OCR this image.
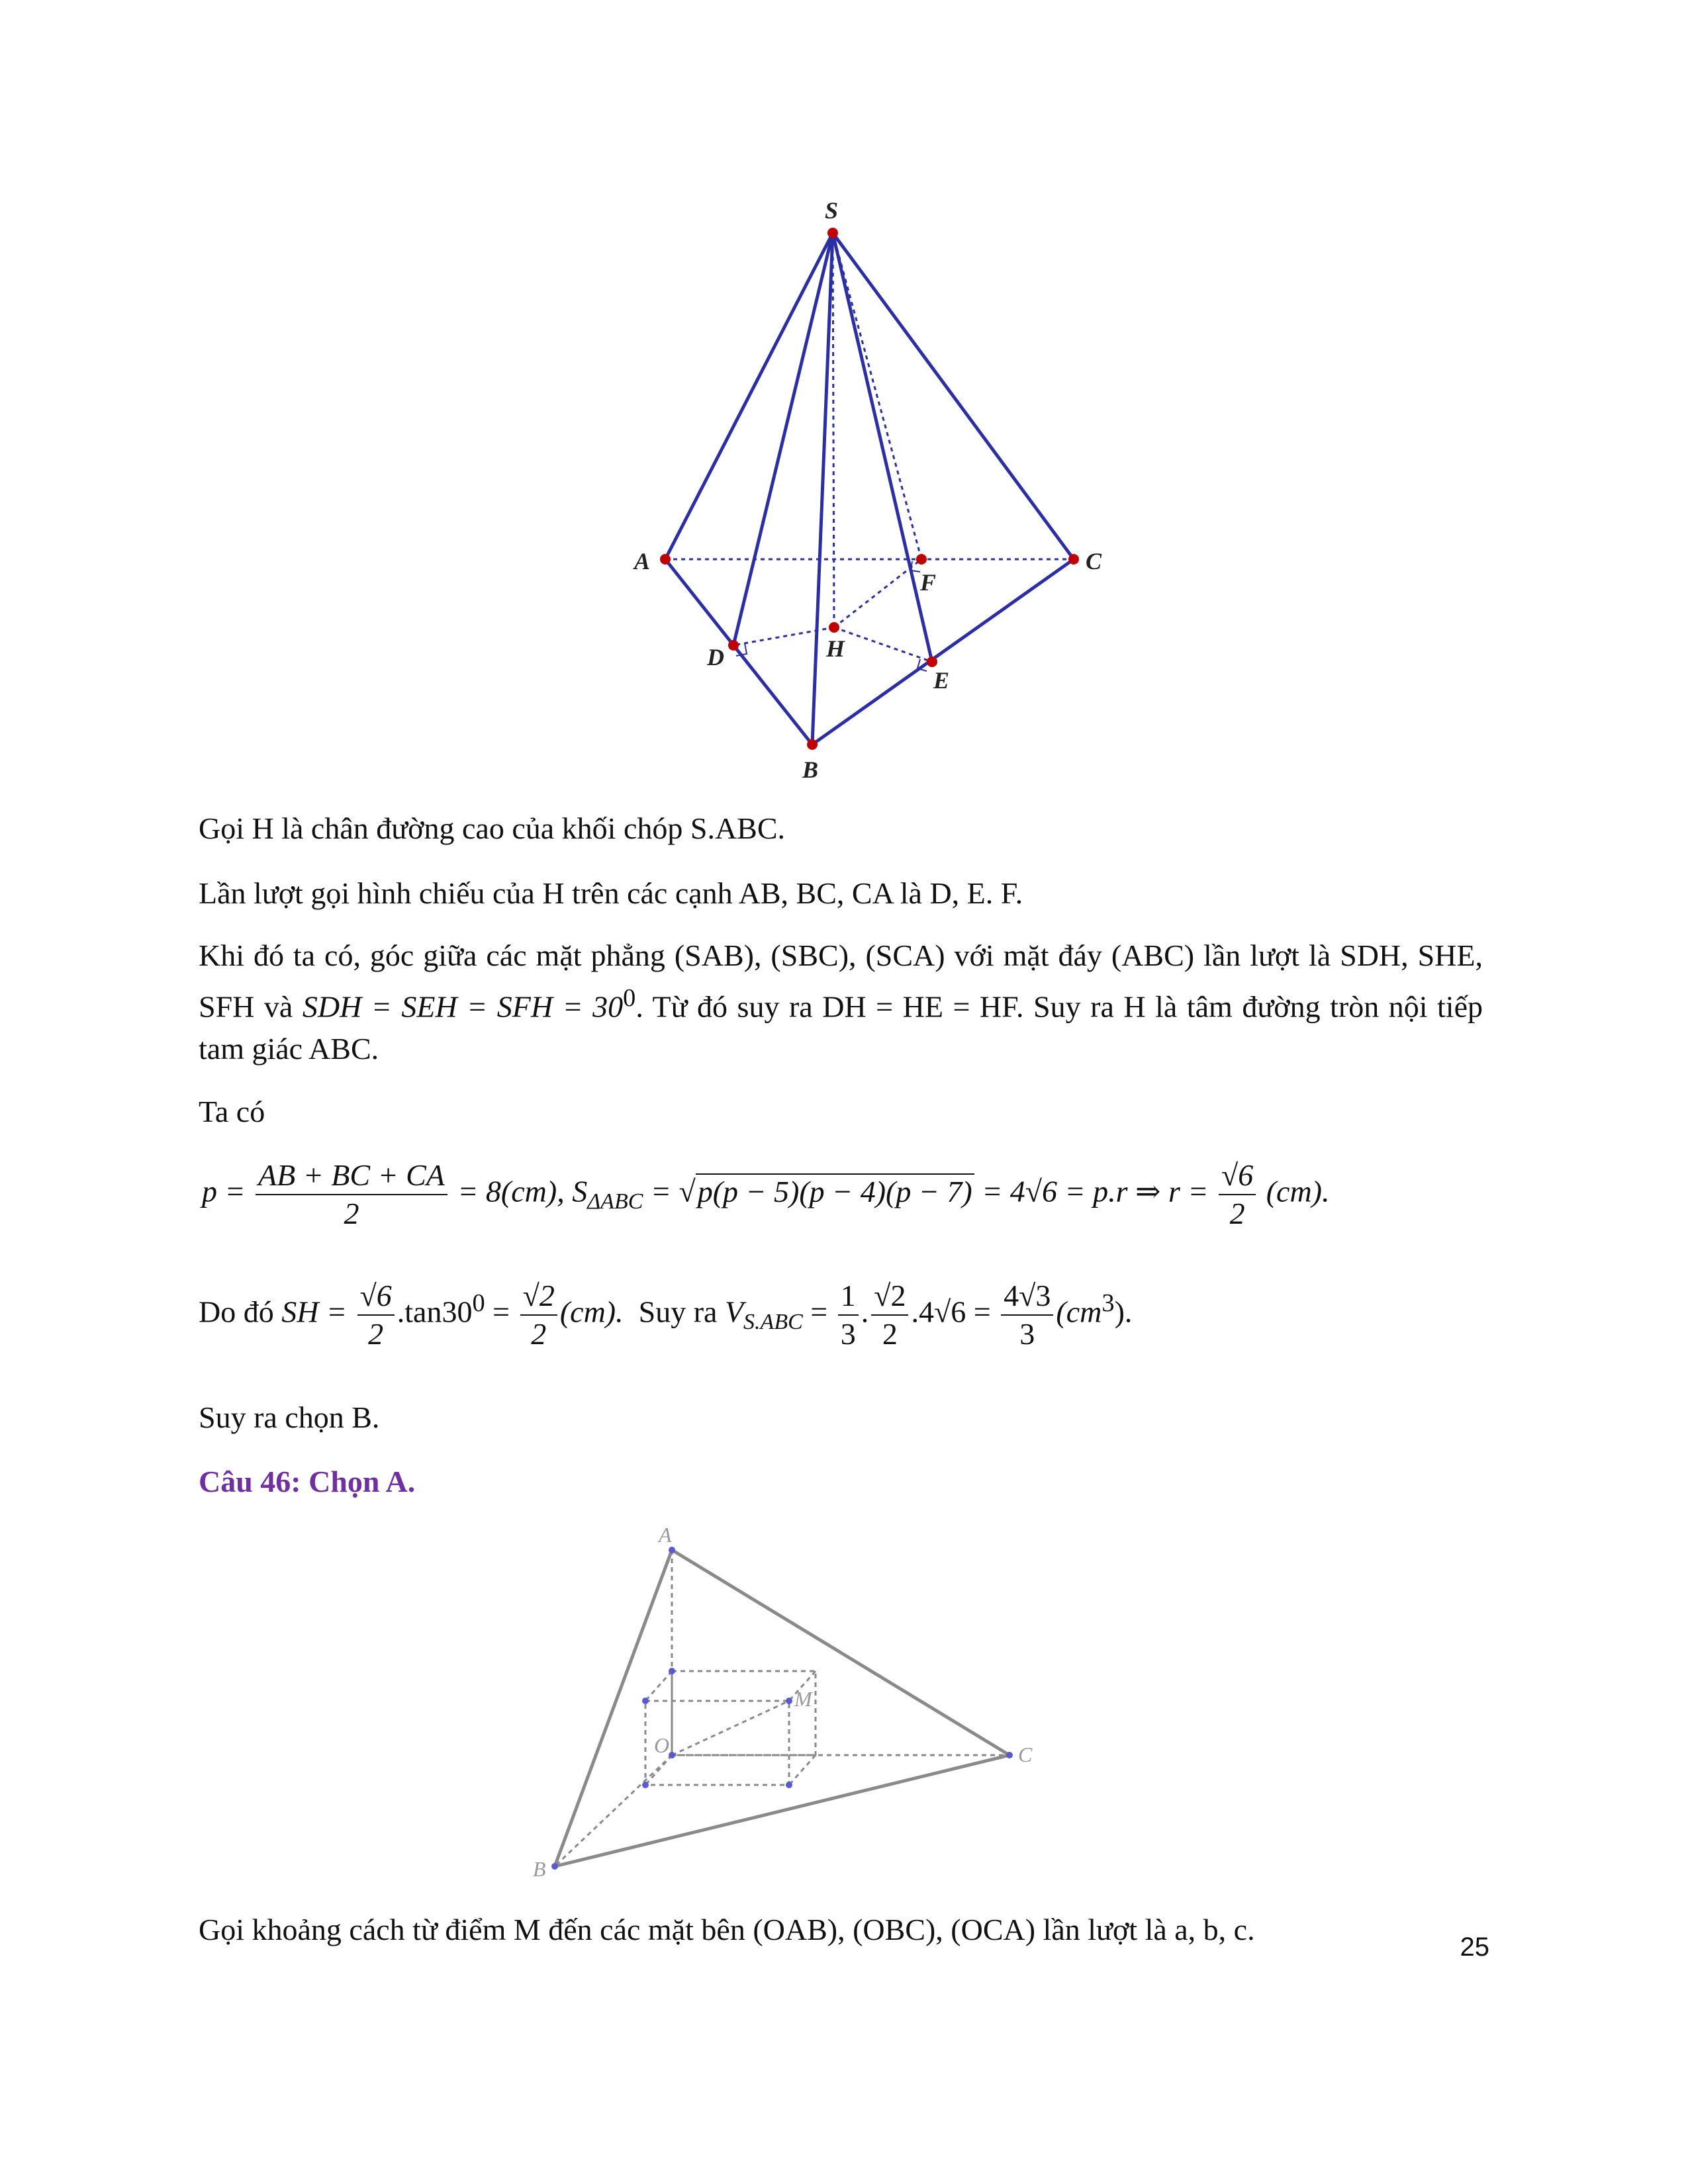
S
A	C
B
D
E
F
H

Gọi H là chân đường cao của khối chóp S.ABC.

Lần lượt gọi hình chiếu của H trên các cạnh AB, BC, CA là D, E. F.

Khi đó ta có, góc giữa các mặt phẳng (SAB), (SBC), (SCA) với mặt đáy (ABC) lần lượt là SDH, SHE, SFH và SDH = SEH = SFH = $30^0$. Từ đó suy ra DH = HE = HF. Suy ra H là tâm đường tròn nội tiếp tam giác ABC.

Ta có

$p = \frac{AB + BC + CA}{2} = 8(cm)$, $S_{\Delta ABC} = √p(p - 5)(p - 4)(p - 7) = 4√6 = p.r$ ⇒ $r = \frac{√6}{2} (cm)$.
Do đó SH = $\frac{√6}{2} .\tan 30^0 = \frac{√2}{2} (cm)$. Suy ra $V_{S.ABC} = \frac{1}{3}$ . $\frac{√2}{2} .4√6 = \frac{4√3}{3} (cm^3)$.

Suy ra chọn B.

Câu 46: Chọn A.
A
B
C
O
M

Gọi khoảng cách từ điểm M đến các mặt bên (OAB), (OBC), (OCA) lần lượt là a, b, c.

25
